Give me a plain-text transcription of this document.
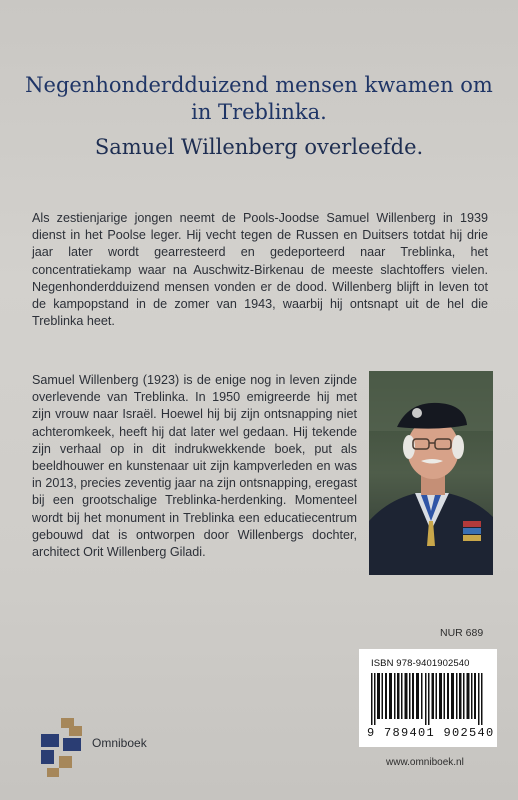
Negenhonderdduizend mensen kwamen om
in Treblinka.
Samuel Willenberg overleefde.

Als zestienjarige jongen neemt de Pools-Joodse Samuel Willenberg in 1939 dienst in het Poolse leger. Hij vecht tegen de Russen en Duitsers totdat hij drie jaar later wordt gearresteerd en gedeporteerd naar Treblinka, het concentratiekamp waar na Auschwitz-Birkenau de meeste slachtoffers vielen. Negenhonderdduizend mensen vonden er de dood. Willenberg blijft in leven tot de kampopstand in de zomer van 1943, waarbij hij ontsnapt uit de hel die Treblinka heet.

Samuel Willenberg (1923) is de enige nog in leven zijnde overlevende van Treblinka. In 1950 emigreerde hij met zijn vrouw naar Israël. Hoewel hij bij zijn ontsnapping niet achteromkeek, heeft hij dat later wel gedaan. Hij tekende zijn verhaal op in dit indrukwekkende boek, put als beeldhouwer en kunstenaar uit zijn kampverleden en was in 2013, precies zeventig jaar na zijn ontsnapping, eregast bij een grootschalige Treblinka-herdenking. Momenteel wordt bij het monument in Treblinka een educatiecentrum gebouwd dat is ontworpen door Willenbergs dochter, architect Orit Willenberg Giladi.

NUR 689
ISBN 978-9401902540
9 789401 902540
Omniboek
www.omniboek.nl
